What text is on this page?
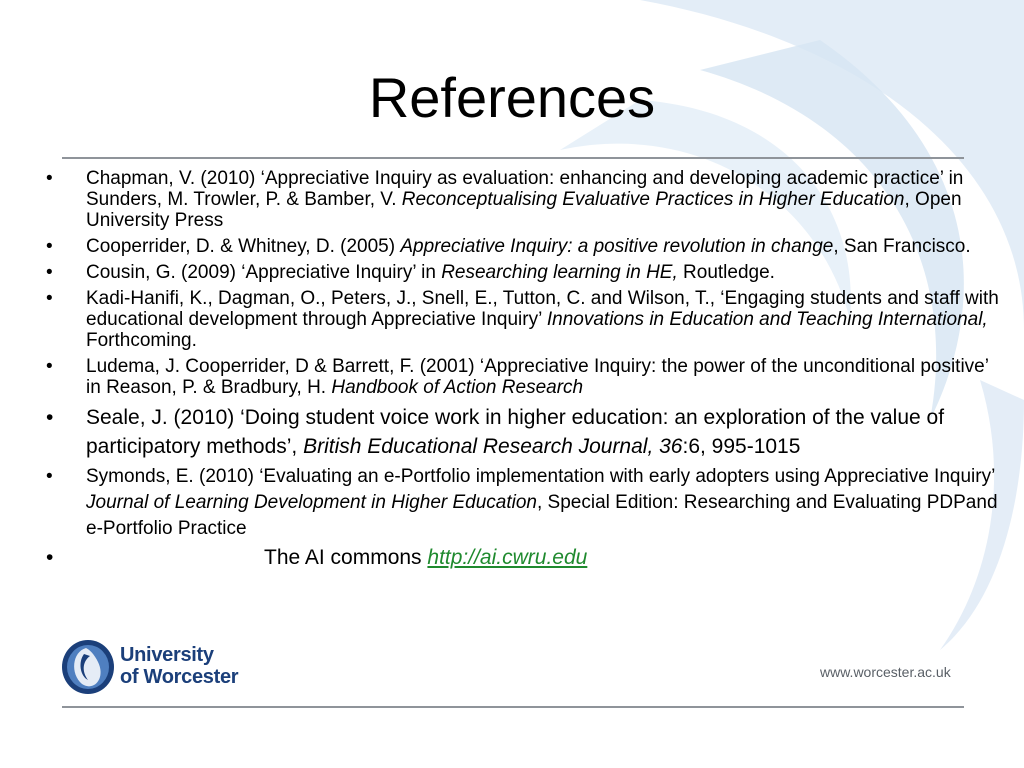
References
• Chapman, V. (2010) ‘Appreciative Inquiry as evaluation: enhancing and developing academic practice’ in Sunders, M. Trowler, P. & Bamber, V. Reconceptualising Evaluative Practices in Higher Education, Open University Press
• Cooperrider, D. & Whitney, D. (2005) Appreciative Inquiry: a positive revolution in change, San Francisco.
• Cousin, G. (2009) ‘Appreciative Inquiry’ in Researching learning in HE, Routledge.
• Kadi-Hanifi, K., Dagman, O., Peters, J., Snell, E., Tutton, C. and Wilson, T., ‘Engaging students and staff with educational development through Appreciative Inquiry’ Innovations in Education and Teaching International, Forthcoming.
• Ludema, J. Cooperrider, D & Barrett, F. (2001) ‘Appreciative Inquiry: the power of the unconditional positive’ in Reason, P. & Bradbury, H. Handbook of Action Research
• Seale, J. (2010) ‘Doing student voice work in higher education: an exploration of the value of participatory methods’, British Educational Research Journal, 36:6, 995-1015
• Symonds, E. (2010) ‘Evaluating an e-Portfolio implementation with early adopters using Appreciative Inquiry’ Journal of Learning Development in Higher Education, Special Edition: Researching and Evaluating PDPand e-Portfolio Practice
• The AI commons http://ai.cwru.edu
University
of Worcester	www.worcester.ac.uk
